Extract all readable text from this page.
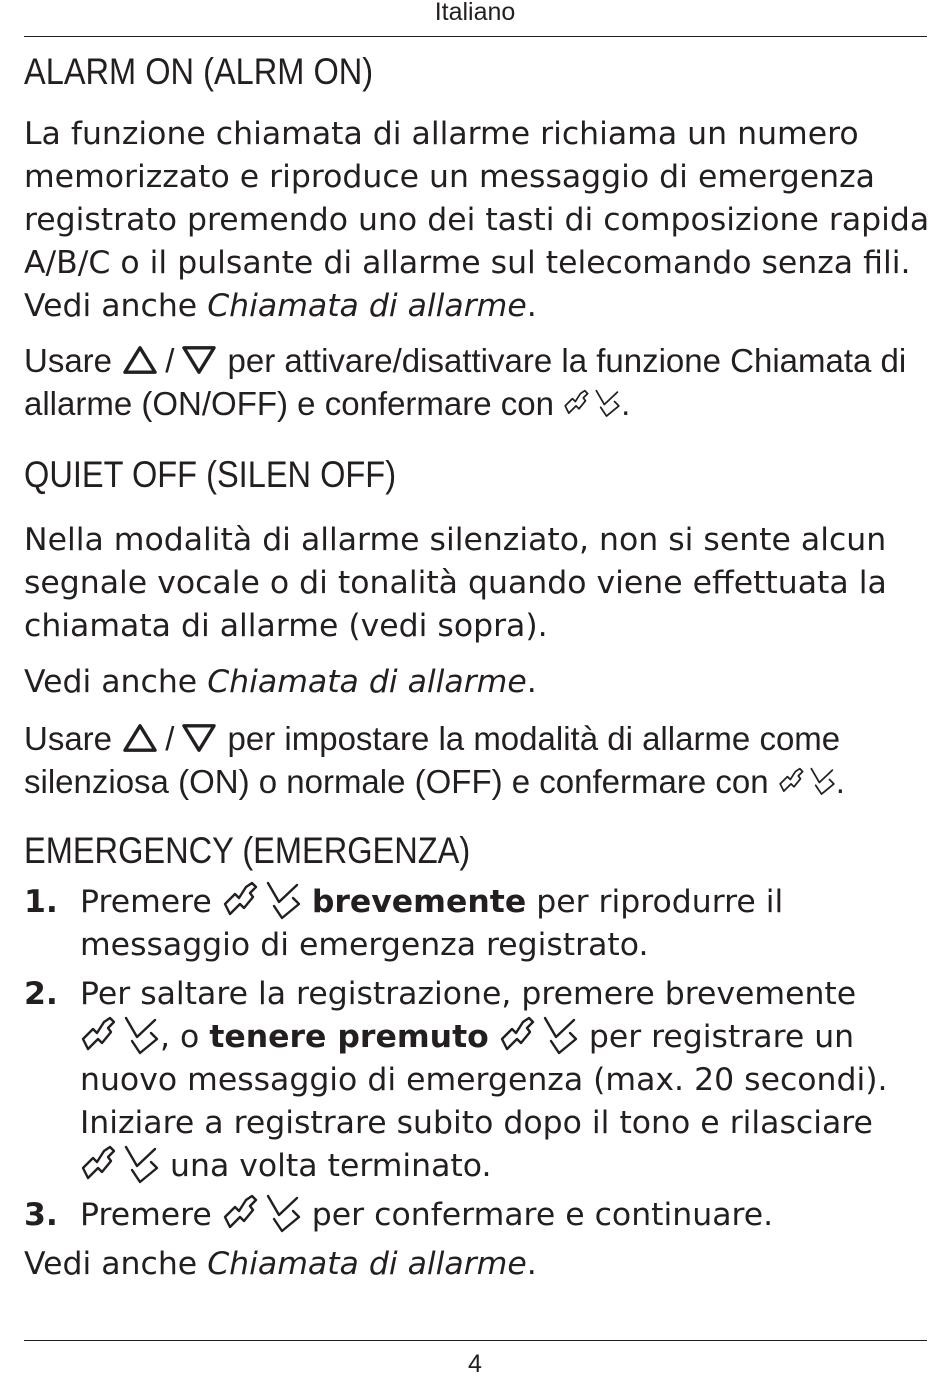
Italiano
ALARM ON (ALRM ON)

La funzione chiamata di allarme richiama un numero memorizzato e riproduce un messaggio di emergenza registrato premendo uno dei tasti di composizione rapida A/B/C o il pulsante di allarme sul telecomando senza fili. Vedi anche Chiamata di allarme.

Usare
/
per attivare/disattivare la funzione Chiamata di allarme (ON/OFF) e confermare con
.

QUIET OFF (SILEN OFF)

Nella modalità di allarme silenziato, non si sente alcun segnale vocale o di tonalità quando viene effettuata la chiamata di allarme (vedi sopra).

Vedi anche Chiamata di allarme.

Usare
/
per impostare la modalità di allarme come silenziosa (ON) o normale (OFF) e confermare con
.

EMERGENCY (EMERGENZA)
1. Premere	brevemente per riprodurre il messaggio di emergenza registrato.
2. Per saltare la registrazione, premere brevemente
, o tenere premuto	per registrare un nuovo messaggio di emergenza (max. 20 secondi). Iniziare a registrare subito dopo il tono e rilasciare
una volta terminato.
3. Premere	per confermare e continuare.

Vedi anche Chiamata di allarme.

4
